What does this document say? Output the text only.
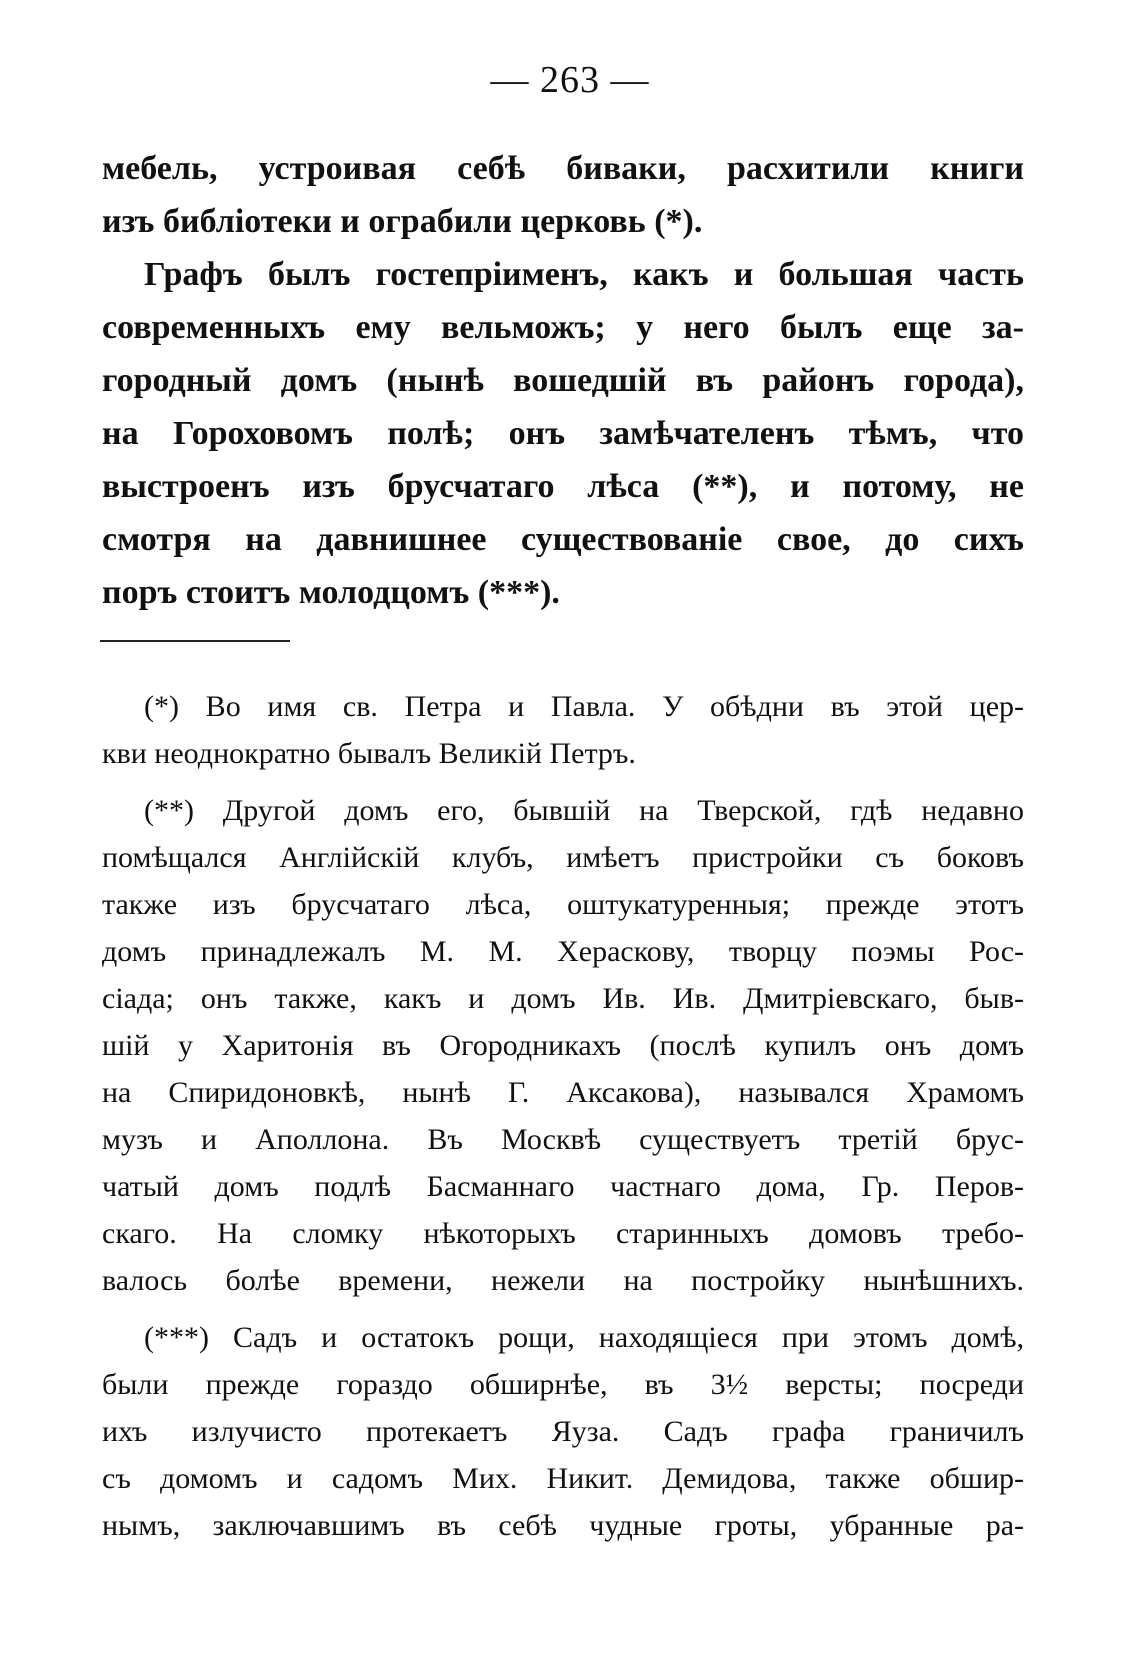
— 263 —
мебель, устроивая себѣ биваки, расхитили книги
изъ библіотеки и ограбили церковь (*).
Графъ былъ гостепріименъ, какъ и большая часть
современныхъ ему вельможъ; у него былъ еще за-
городный домъ (нынѣ вошедшій въ районъ города),
на Гороховомъ полѣ; онъ замѣчателенъ тѣмъ, что
выстроенъ изъ брусчатаго лѣса (**), и потому, не
смотря на давнишнее существованіе свое, до сихъ
поръ стоитъ молодцомъ (***).
(*) Во имя св. Петра и Павла. У обѣдни въ этой цер-
кви неоднократно бывалъ Великій Петръ.
(**) Другой домъ его, бывшій на Тверской, гдѣ недавно
помѣщался Англійскій клубъ, имѣетъ пристройки съ боковъ
также изъ брусчатаго лѣса, оштукатуренныя; прежде этотъ
домъ принадлежалъ М. М. Хераскову, творцу поэмы Рос-
сіада; онъ также, какъ и домъ Ив. Ив. Дмитріевскаго, быв-
шій у Харитонія въ Огородникахъ (послѣ купилъ онъ домъ
на Спиридоновкѣ, нынѣ Г. Аксакова), назывался Храмомъ
музъ и Аполлона. Въ Москвѣ существуетъ третій брус-
чатый домъ подлѣ Басманнаго частнаго дома, Гр. Перов-
скаго. На сломку нѣкоторыхъ старинныхъ домовъ требо-
валось болѣе времени, нежели на постройку нынѣшнихъ.
(***) Садъ и остатокъ рощи, находящіеся при этомъ домѣ,
были прежде гораздо обширнѣе, въ 3½ версты; посреди
ихъ излучисто протекаетъ Яуза. Садъ графа граничилъ
съ домомъ и садомъ Мих. Никит. Демидова, также обшир-
нымъ, заключавшимъ въ себѣ чудные гроты, убранные ра-
